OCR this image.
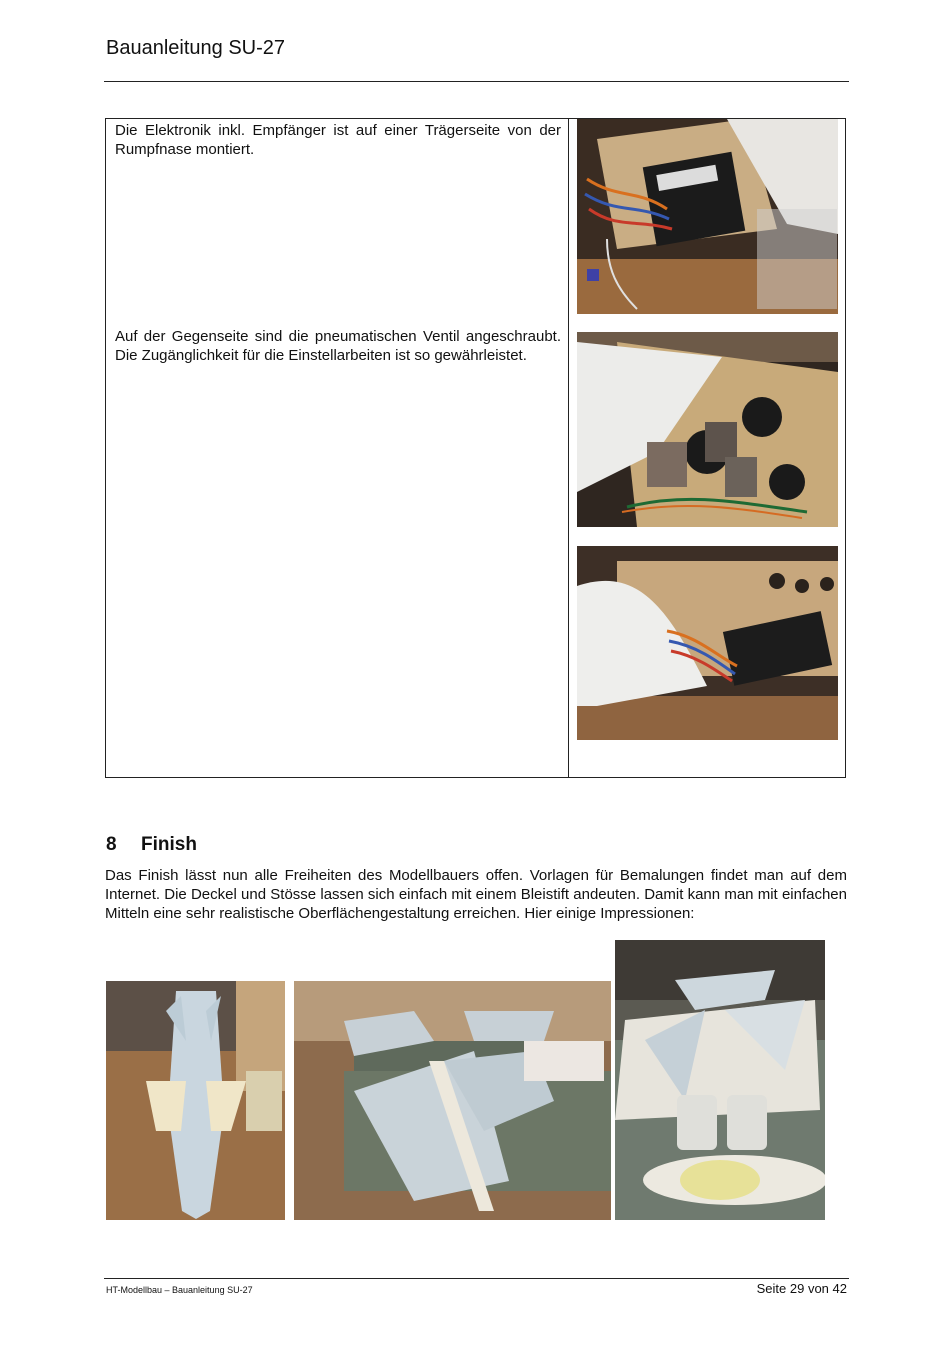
Bauanleitung SU-27
Die Elektronik inkl. Empfänger ist auf einer Trägerseite von der Rumpfnase montiert.
Auf der Gegenseite sind die pneumatischen Ventil angeschraubt. Die Zugänglichkeit für die Einstellarbeiten ist so gewährleistet.
8 Finish
Das Finish lässt nun alle Freiheiten des Modellbauers offen. Vorlagen für Bemalungen findet man auf dem Internet. Die Deckel und Stösse lassen sich einfach mit einem Bleistift andeuten. Damit kann man mit einfachen Mitteln eine sehr realistische Oberflächengestaltung erreichen. Hier einige Impressionen:
HT-Modellbau – Bauanleitung SU-27	Seite 29 von 42
